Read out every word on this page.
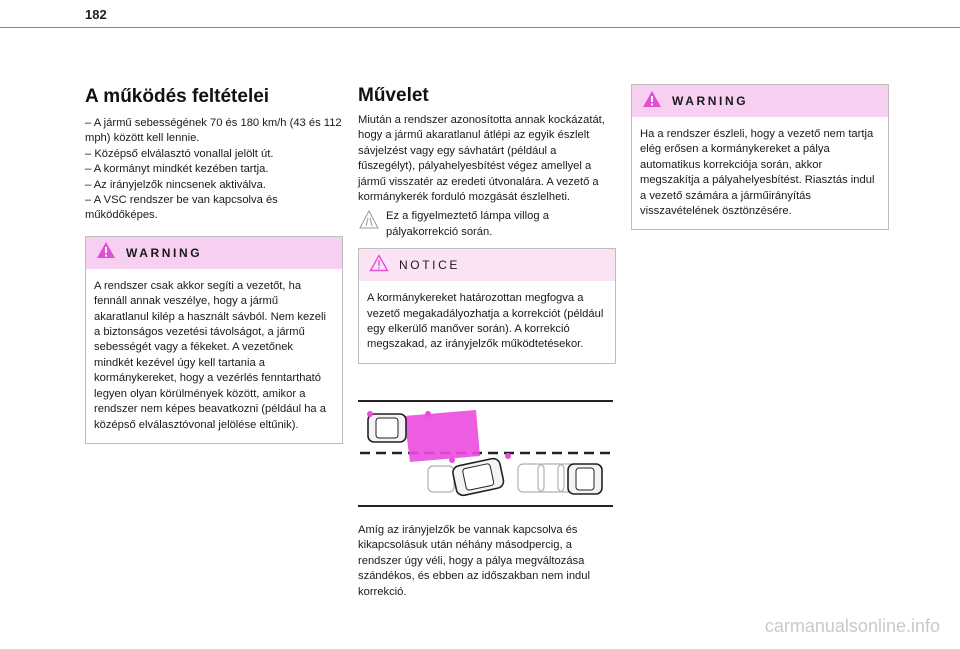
182
A működés feltételei
– A jármű sebességének 70 és 180 km/h (43 és 112 mph) között kell lennie.
– Középső elválasztó vonallal jelölt út.
– A kormányt mindkét kezében tartja.
– Az irányjelzők nincsenek aktiválva.
– A VSC rendszer be van kapcsolva és működőképes.
WARNING
A rendszer csak akkor segíti a vezetőt, ha fennáll annak veszélye, hogy a jármű akaratlanul kilép a használt sávból. Nem kezeli a biztonságos vezetési távolságot, a jármű sebességét vagy a fékeket. A vezetőnek mindkét kezével úgy kell tartania a kormánykereket, hogy a vezérlés fenntartható legyen olyan körülmények között, amikor a rendszer nem képes beavatkozni (például ha a középső elválasztóvonal jelölése eltűnik).
Művelet

Miután a rendszer azonosította annak kockázatát, hogy a jármű akaratlanul átlépi az egyik észlelt sávjelzést vagy egy sávhatárt (például a fűszegélyt), pályahelyesbítést végez amellyel a jármű visszatér az eredeti útvonalára. A vezető a kormánykerék forduló mozgását észlelheti.

Ez a figyelmeztető lámpa villog a pályakorrekció során.
NOTICE
A kormánykereket határozottan megfogva a vezető megakadályozhatja a korrekciót (például egy elkerülő manőver során). A korrekció megszakad, az irányjelzők működtetésekor.

Amíg az irányjelzők be vannak kapcsolva és kikapcsolásuk után néhány másodpercig, a rendszer úgy véli, hogy a pálya megváltozása szándékos, és ebben az időszakban nem indul korrekció.

WARNING
Ha a rendszer észleli, hogy a vezető nem tartja elég erősen a kormánykereket a pálya automatikus korrekciója során, akkor megszakítja a pályahelyesbítést. Riasztás indul a vezető számára a járműirányítás visszavételének ösztönzésére.
carmanualsonline.info
